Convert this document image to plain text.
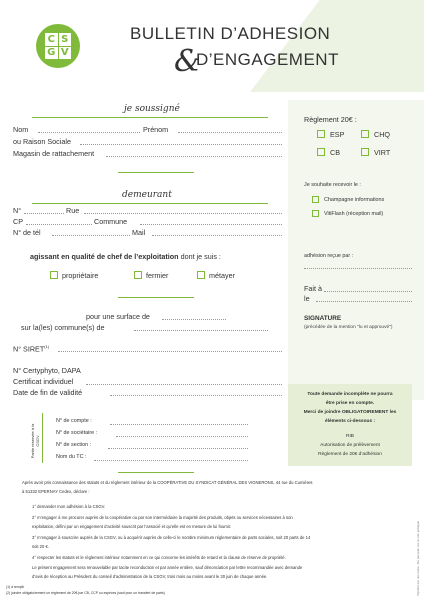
C S
G V
BULLETIN D’ADHESION
&
D’ENGAGEMENT
je soussigné
Nom	Prénom
ou Raison Sociale
Magasin de rattachement
demeurant
N°	Rue
CP	Commune
N° de tél	Mail
agissant en qualité de chef de l’exploitation dont je suis :
propriétaire	fermier	métayer
pour une surface de
sur la(les) commune(s) de
N° SIRET$^{(1)}$
N° Certyphyto, DAPA
Certificat individuel
Date de fin de validité
Règlement 20€ :
ESP	CHQ
CB	VIRT
Je souhaite recevoir le :
Champagne informations
VitiFlash (réception mail)
adhésion reçue par :
Fait à
le
SIGNATURE
(précédée de la mention "lu et approuvé")
Toute demande incomplète ne pourra
être prise en compte.
Merci de joindre OBLIGATOIREMENT les
éléments ci-dessous :
RIB
Autorisation de prélèvement
Règlement de 20€ d’adhésion
Partie réservée à la CSGV
N° de compte :
N° de sociétaire :
N° de section :
Nom du TC :
Après avoir pris connaissance des statuts et du règlement intérieur de la COOPÉRATIVE DU SYNDICAT GÉNÉRAL DES VIGNERONS, 44 rue du Cumières
à 51332 EPERNAY Cedex, déclare :
1° demander mon adhésion à la CSGV.
2° m’engager à me procurer auprès de la coopérative ou par son intermédiaire la majorité des produits, objets ou services nécessaires à son
exploitation, défini par un engagement d’activité souscrit par l’associé et qu’elle est en mesure de lui fournir.
3° m’engager à souscrire auprès de la CSGV, ou à acquérir auprès de celle-ci le nombre minimum réglementaire de parts sociales, soit 20 parts de 14
soit 20 €.
4° respecter les statuts et le règlement intérieur notamment en ce qui concerne les intérêts de retard et la clause de réserve de propriété.
Le présent engagement sera renouvelable par tacite reconduction et par année entière, sauf dénonciation par lettre recommandée avec demande
d’avis de réception au Président du conseil d’administration de la CSGV, trois mois au moins avant le 30 juin de chaque année.
(1) à remplir
(2) joindre obligatoirement un règlement de 20€ par CB, CCP ou espèces (sauf pour un transfert de parts)	Imprimé par nos soins - Ne pas jeter sur la voie publique
